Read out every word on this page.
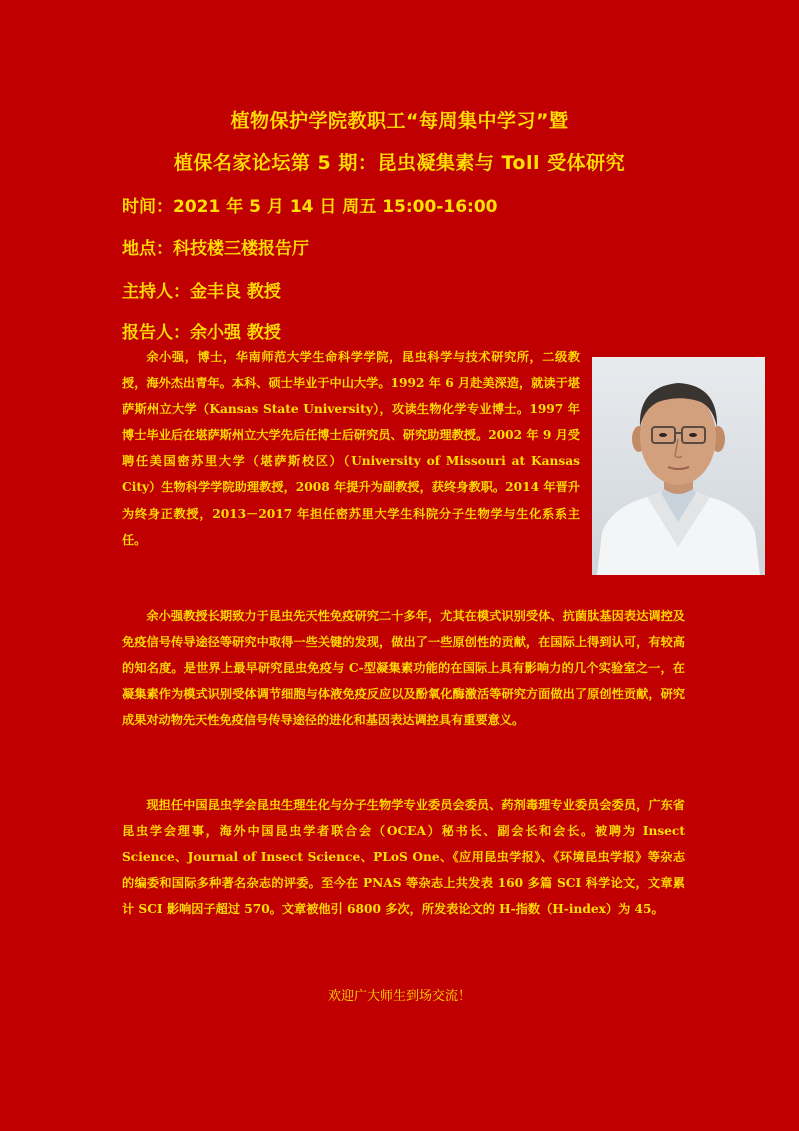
植物保护学院教职工“每周集中学习”暨
植保名家论坛第 5 期：昆虫凝集素与 Toll 受体研究
时间：2021 年 5 月 14 日 周五 15:00-16:00
地点：科技楼三楼报告厅
主持人：金丰良 教授
报告人：余小强 教授

余小强，博士，华南师范大学生命科学学院，昆虫科学与技术研究所，二级教授，海外杰出青年。本科、硕士毕业于中山大学。1992 年 6 月赴美深造，就读于堪萨斯州立大学（Kansas State University），攻读生物化学专业博士。1997 年博士毕业后在堪萨斯州立大学先后任博士后研究员、研究助理教授。2002 年 9 月受聘任美国密苏里大学（堪萨斯校区）（University of Missouri at Kansas City）生物科学学院助理教授，2008 年提升为副教授，获终身教职。2014 年晋升为终身正教授，2013－2017 年担任密苏里大学生科院分子生物学与生化系系主任。

余小强教授长期致力于昆虫先天性免疫研究二十多年，尤其在模式识别受体、抗菌肽基因表达调控及免疫信号传导途径等研究中取得一些关键的发现，做出了一些原创性的贡献，在国际上得到认可，有较高的知名度。是世界上最早研究昆虫免疫与 C-型凝集素功能的在国际上具有影响力的几个实验室之一，在凝集素作为模式识别受体调节细胞与体液免疫反应以及酚氧化酶激活等研究方面做出了原创性贡献，研究成果对动物先天性免疫信号传导途径的进化和基因表达调控具有重要意义。

现担任中国昆虫学会昆虫生理生化与分子生物学专业委员会委员、药剂毒理专业委员会委员，广东省昆虫学会理事，海外中国昆虫学者联合会（OCEA）秘书长、副会长和会长。被聘为 Insect Science、Journal of Insect Science、PLoS One、《应用昆虫学报》、《环境昆虫学报》等杂志的编委和国际多种著名杂志的评委。至今在 PNAS 等杂志上共发表 160 多篇 SCI 科学论文，文章累计 SCI 影响因子超过 570。文章被他引 6800 多次，所发表论文的 H-指数（H-index）为 45。

欢迎广大师生到场交流！
